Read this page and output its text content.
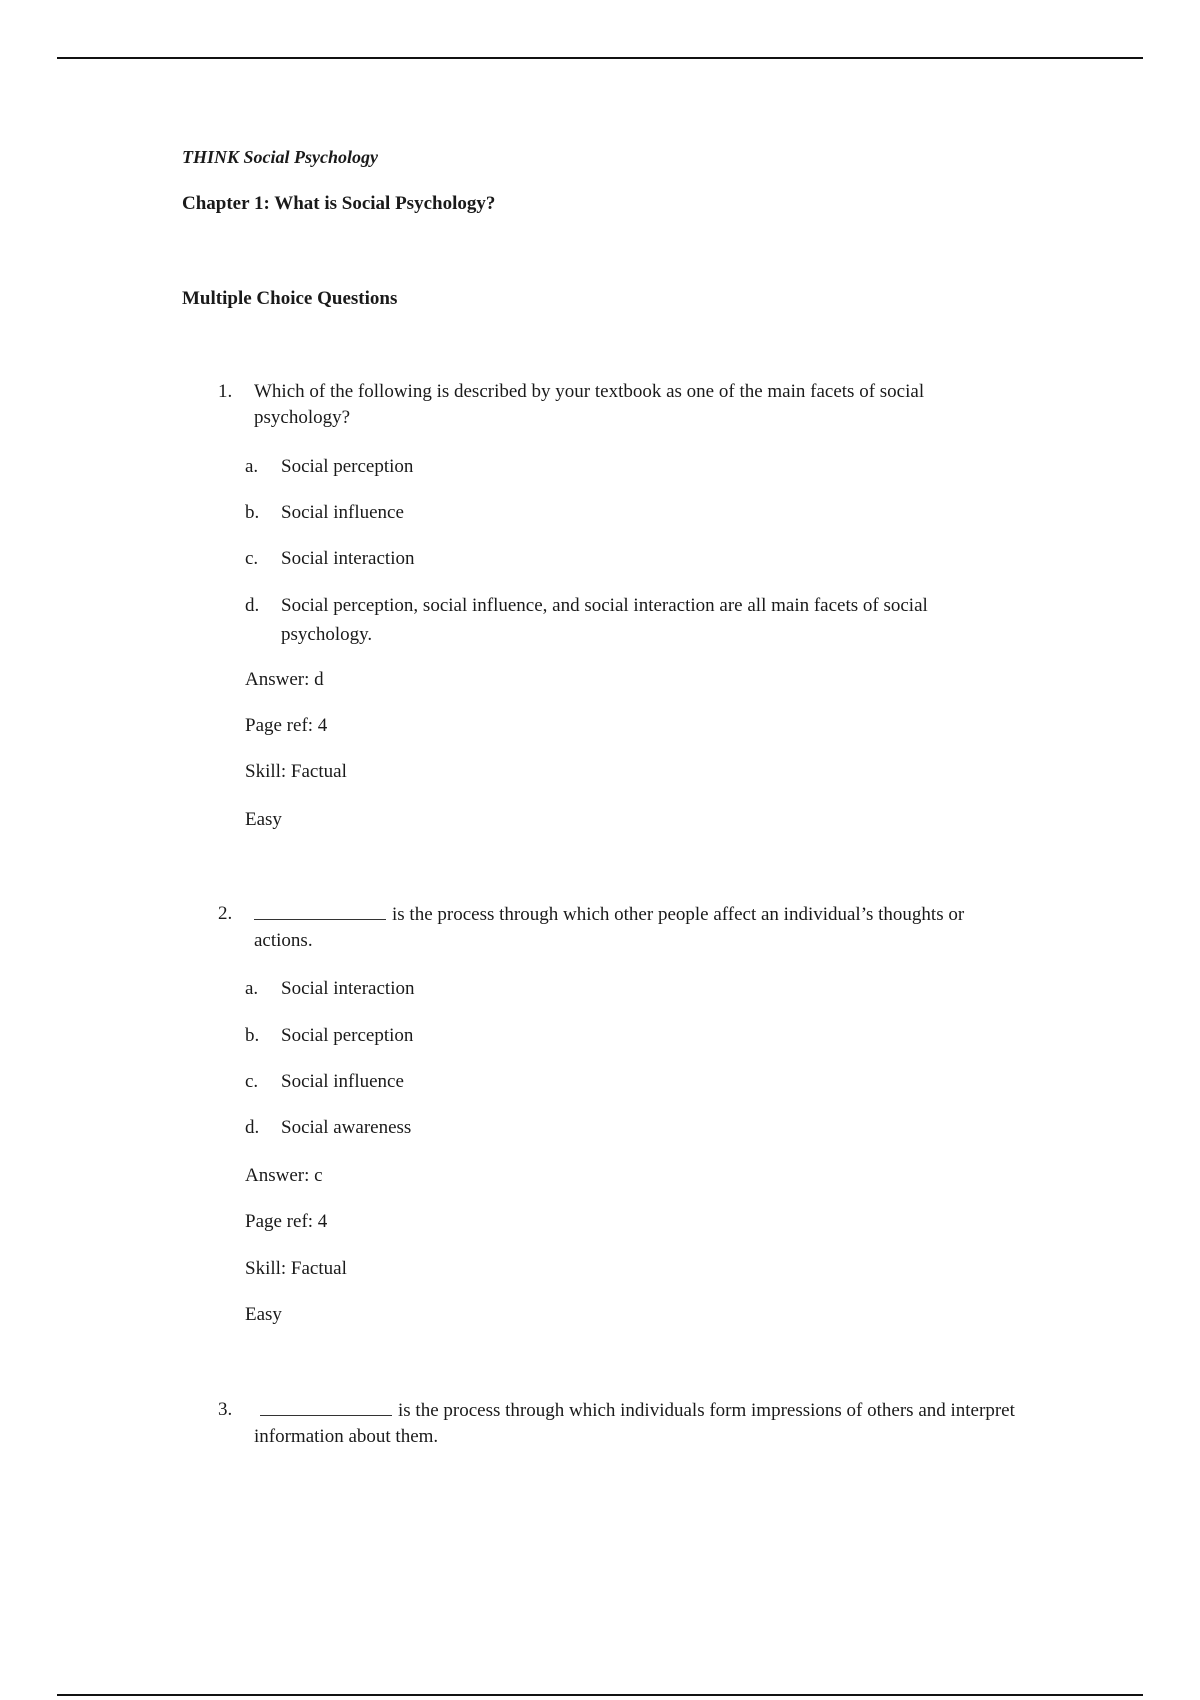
THINK Social Psychology
Chapter 1: What is Social Psychology?
Multiple Choice Questions
1. Which of the following is described by your textbook as one of the main facets of social psychology?
a. Social perception
b. Social influence
c. Social interaction
d. Social perception, social influence, and social interaction are all main facets of social psychology.
Answer: d
Page ref: 4
Skill: Factual
Easy
2.	is the process through which other people affect an individual’s thoughts or actions.
a. Social interaction
b. Social perception
c. Social influence
d. Social awareness
Answer: c
Page ref: 4
Skill: Factual
Easy
3.	is the process through which individuals form impressions of others and interpret information about them.
